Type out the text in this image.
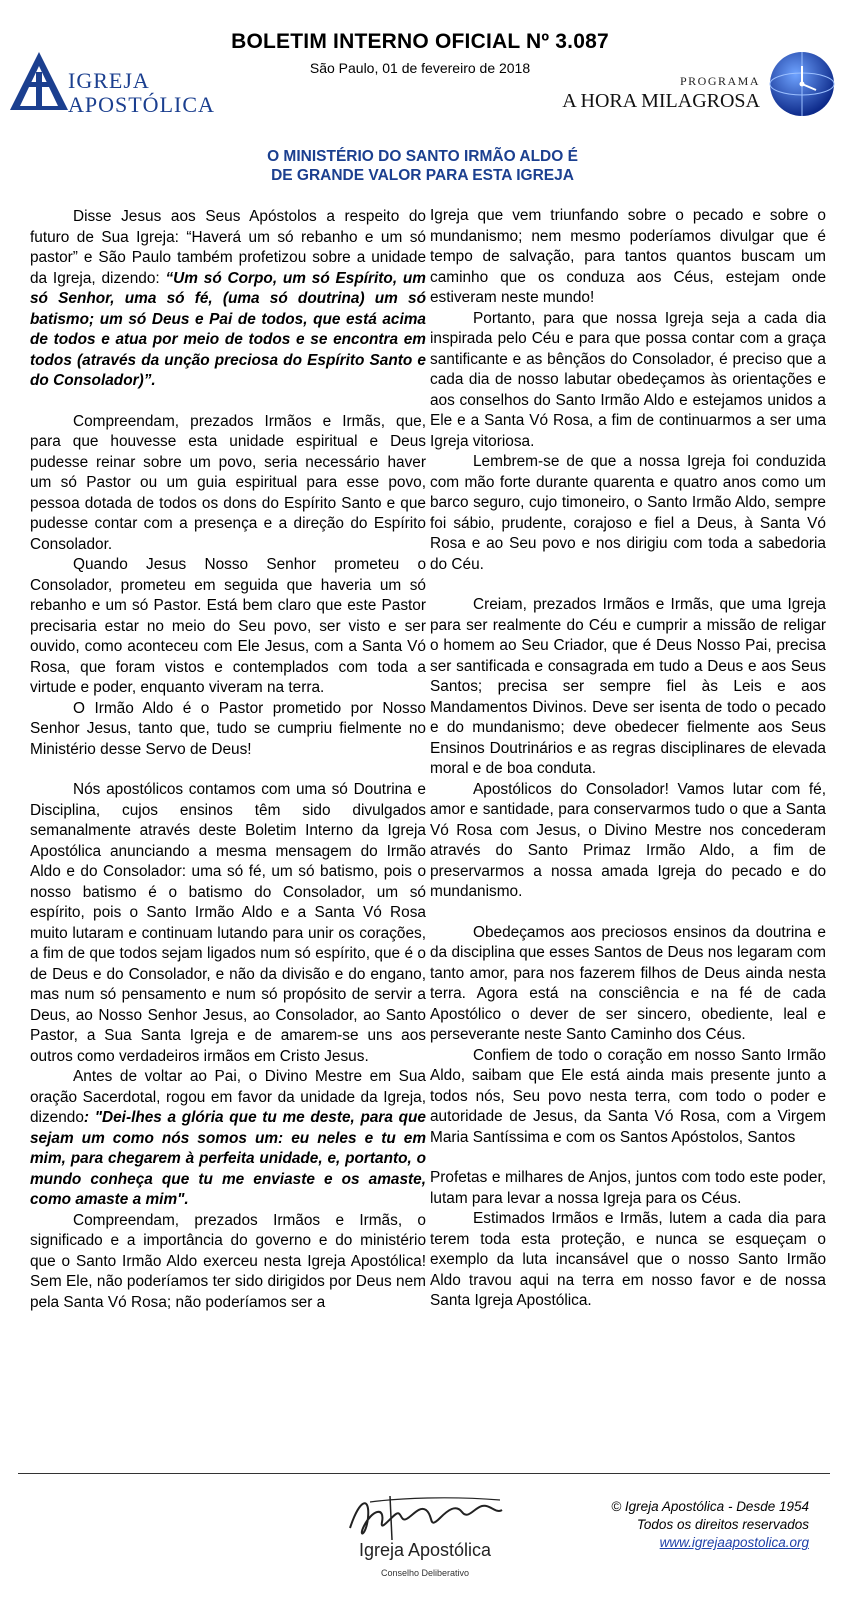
IGREJA
APOSTÓLICA
BOLETIM INTERNO OFICIAL Nº 3.087
São Paulo, 01 de fevereiro de 2018
PROGRAMA
A HORA MILAGROSA
O MINISTÉRIO DO SANTO IRMÃO ALDO É
DE GRANDE VALOR PARA ESTA IGREJA

Disse Jesus aos Seus Apóstolos a respeito do futuro de Sua Igreja: “Haverá um só rebanho e um só pastor” e São Paulo também profetizou sobre a unidade da Igreja, dizendo: “Um só Corpo, um só Espírito, um só Senhor, uma só fé, (uma só doutrina) um só batismo; um só Deus e Pai de todos, que está acima de todos e atua por meio de todos e se encontra em todos (através da unção preciosa do Espírito Santo e do Consolador)”.

Compreendam, prezados Irmãos e Irmãs, que, para que houvesse esta unidade espiritual e Deus pudesse reinar sobre um povo, seria necessário haver um só Pastor ou um guia espiritual para esse povo, pessoa dotada de todos os dons do Espírito Santo e que pudesse contar com a presença e a direção do Espírito Consolador.

Quando Jesus Nosso Senhor prometeu o Consolador, prometeu em seguida que haveria um só rebanho e um só Pastor. Está bem claro que este Pastor precisaria estar no meio do Seu povo, ser visto e ser ouvido, como aconteceu com Ele Jesus, com a Santa Vó Rosa, que foram vistos e contemplados com toda a virtude e poder, enquanto viveram na terra.

O Irmão Aldo é o Pastor prometido por Nosso Senhor Jesus, tanto que, tudo se cumpriu fielmente no Ministério desse Servo de Deus!

Nós apostólicos contamos com uma só Doutrina e Disciplina, cujos ensinos têm sido divulgados semanalmente através deste Boletim Interno da Igreja Apostólica anunciando a mesma mensagem do Irmão Aldo e do Consolador: uma só fé, um só batismo, pois o nosso batismo é o batismo do Consolador, um só espírito, pois o Santo Irmão Aldo e a Santa Vó Rosa muito lutaram e continuam lutando para unir os corações, a fim de que todos sejam ligados num só espírito, que é o de Deus e do Consolador, e não da divisão e do engano, mas num só pensamento e num só propósito de servir a Deus, ao Nosso Senhor Jesus, ao Consolador, ao Santo Pastor, a Sua Santa Igreja e de amarem-se uns aos outros como verdadeiros irmãos em Cristo Jesus.

Antes de voltar ao Pai, o Divino Mestre em Sua oração Sacerdotal, rogou em favor da unidade da Igreja, dizendo: "Dei-lhes a glória que tu me deste, para que sejam um como nós somos um: eu neles e tu em mim, para chegarem à perfeita unidade, e, portanto, o mundo conheça que tu me enviaste e os amaste, como amaste a mim".

Compreendam, prezados Irmãos e Irmãs, o significado e a importância do governo e do ministério que o Santo Irmão Aldo exerceu nesta Igreja Apostólica! Sem Ele, não poderíamos ter sido dirigidos por Deus nem pela Santa Vó Rosa; não poderíamos ser a

Igreja que vem triunfando sobre o pecado e sobre o mundanismo; nem mesmo poderíamos divulgar que é tempo de salvação, para tantos quantos buscam um caminho que os conduza aos Céus, estejam onde estiveram neste mundo!

Portanto, para que nossa Igreja seja a cada dia inspirada pelo Céu e para que possa contar com a graça santificante e as bênçãos do Consolador, é preciso que a cada dia de nosso labutar obedeçamos às orientações e aos conselhos do Santo Irmão Aldo e estejamos unidos a Ele e a Santa Vó Rosa, a fim de continuarmos a ser uma Igreja vitoriosa.

Lembrem-se de que a nossa Igreja foi conduzida com mão forte durante quarenta e quatro anos como um barco seguro, cujo timoneiro, o Santo Irmão Aldo, sempre foi sábio, prudente, corajoso e fiel a Deus, à Santa Vó Rosa e ao Seu povo e nos dirigiu com toda a sabedoria do Céu.

Creiam, prezados Irmãos e Irmãs, que uma Igreja para ser realmente do Céu e cumprir a missão de religar o homem ao Seu Criador, que é Deus Nosso Pai, precisa ser santificada e consagrada em tudo a Deus e aos Seus Santos; precisa ser sempre fiel às Leis e aos Mandamentos Divinos. Deve ser isenta de todo o pecado e do mundanismo; deve obedecer fielmente aos Seus Ensinos Doutrinários e as regras disciplinares de elevada moral e de boa conduta.

Apostólicos do Consolador! Vamos lutar com fé, amor e santidade, para conservarmos tudo o que a Santa Vó Rosa com Jesus, o Divino Mestre nos concederam através do Santo Primaz Irmão Aldo, a fim de preservarmos a nossa amada Igreja do pecado e do mundanismo.

Obedeçamos aos preciosos ensinos da doutrina e da disciplina que esses Santos de Deus nos legaram com tanto amor, para nos fazerem filhos de Deus ainda nesta terra. Agora está na consciência e na fé de cada Apostólico o dever de ser sincero, obediente, leal e perseverante neste Santo Caminho dos Céus.

Confiem de todo o coração em nosso Santo Irmão Aldo, saibam que Ele está ainda mais presente junto a todos nós, Seu povo nesta terra, com todo o poder e autoridade de Jesus, da Santa Vó Rosa, com a Virgem Maria Santíssima e com os Santos Apóstolos, Santos

Profetas e milhares de Anjos, juntos com todo este poder, lutam para levar a nossa Igreja para os Céus.

Estimados Irmãos e Irmãs, lutem a cada dia para terem toda esta proteção, e nunca se esqueçam o exemplo da luta incansável que o nosso Santo Irmão Aldo travou aqui na terra em nosso favor e de nossa Santa Igreja Apostólica.

Igreja Apostólica
Conselho Deliberativo
© Igreja Apostólica - Desde 1954
Todos os direitos reservados
www.igrejaapostolica.org
